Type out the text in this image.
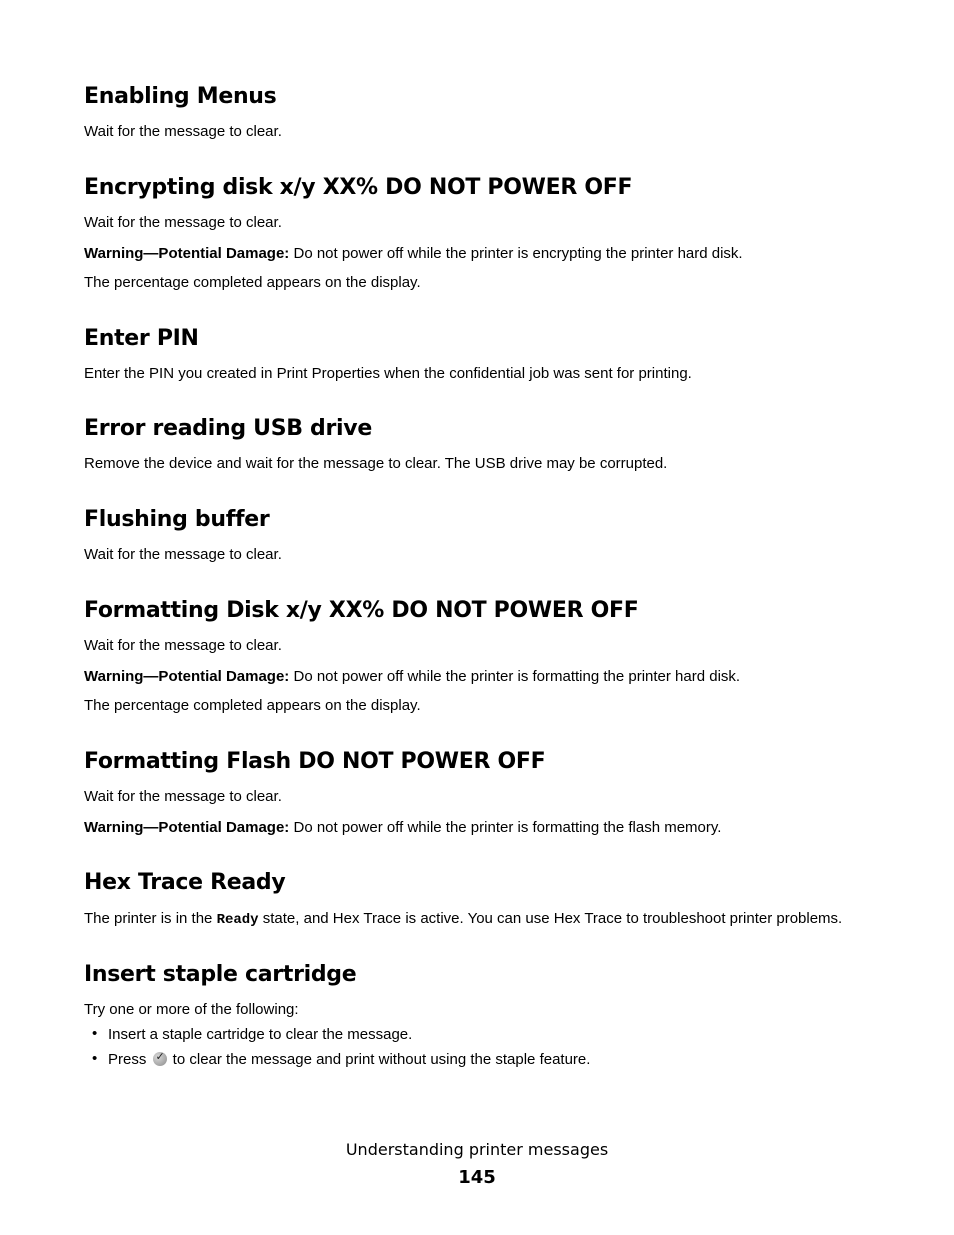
Enabling Menus

Wait for the message to clear.

Encrypting disk x/y XX% DO NOT POWER OFF

Wait for the message to clear.

Warning—Potential Damage: Do not power off while the printer is encrypting the printer hard disk.

The percentage completed appears on the display.

Enter PIN

Enter the PIN you created in Print Properties when the confidential job was sent for printing.

Error reading USB drive

Remove the device and wait for the message to clear. The USB drive may be corrupted.

Flushing buffer

Wait for the message to clear.

Formatting Disk x/y XX% DO NOT POWER OFF

Wait for the message to clear.

Warning—Potential Damage: Do not power off while the printer is formatting the printer hard disk.

The percentage completed appears on the display.

Formatting Flash DO NOT POWER OFF

Wait for the message to clear.

Warning—Potential Damage: Do not power off while the printer is formatting the flash memory.

Hex Trace Ready

The printer is in the Ready state, and Hex Trace is active. You can use Hex Trace to troubleshoot printer problems.

Insert staple cartridge

Try one or more of the following:

• Insert a staple cartridge to clear the message.

• Press ✓ to clear the message and print without using the staple feature.

Understanding printer messages
145
